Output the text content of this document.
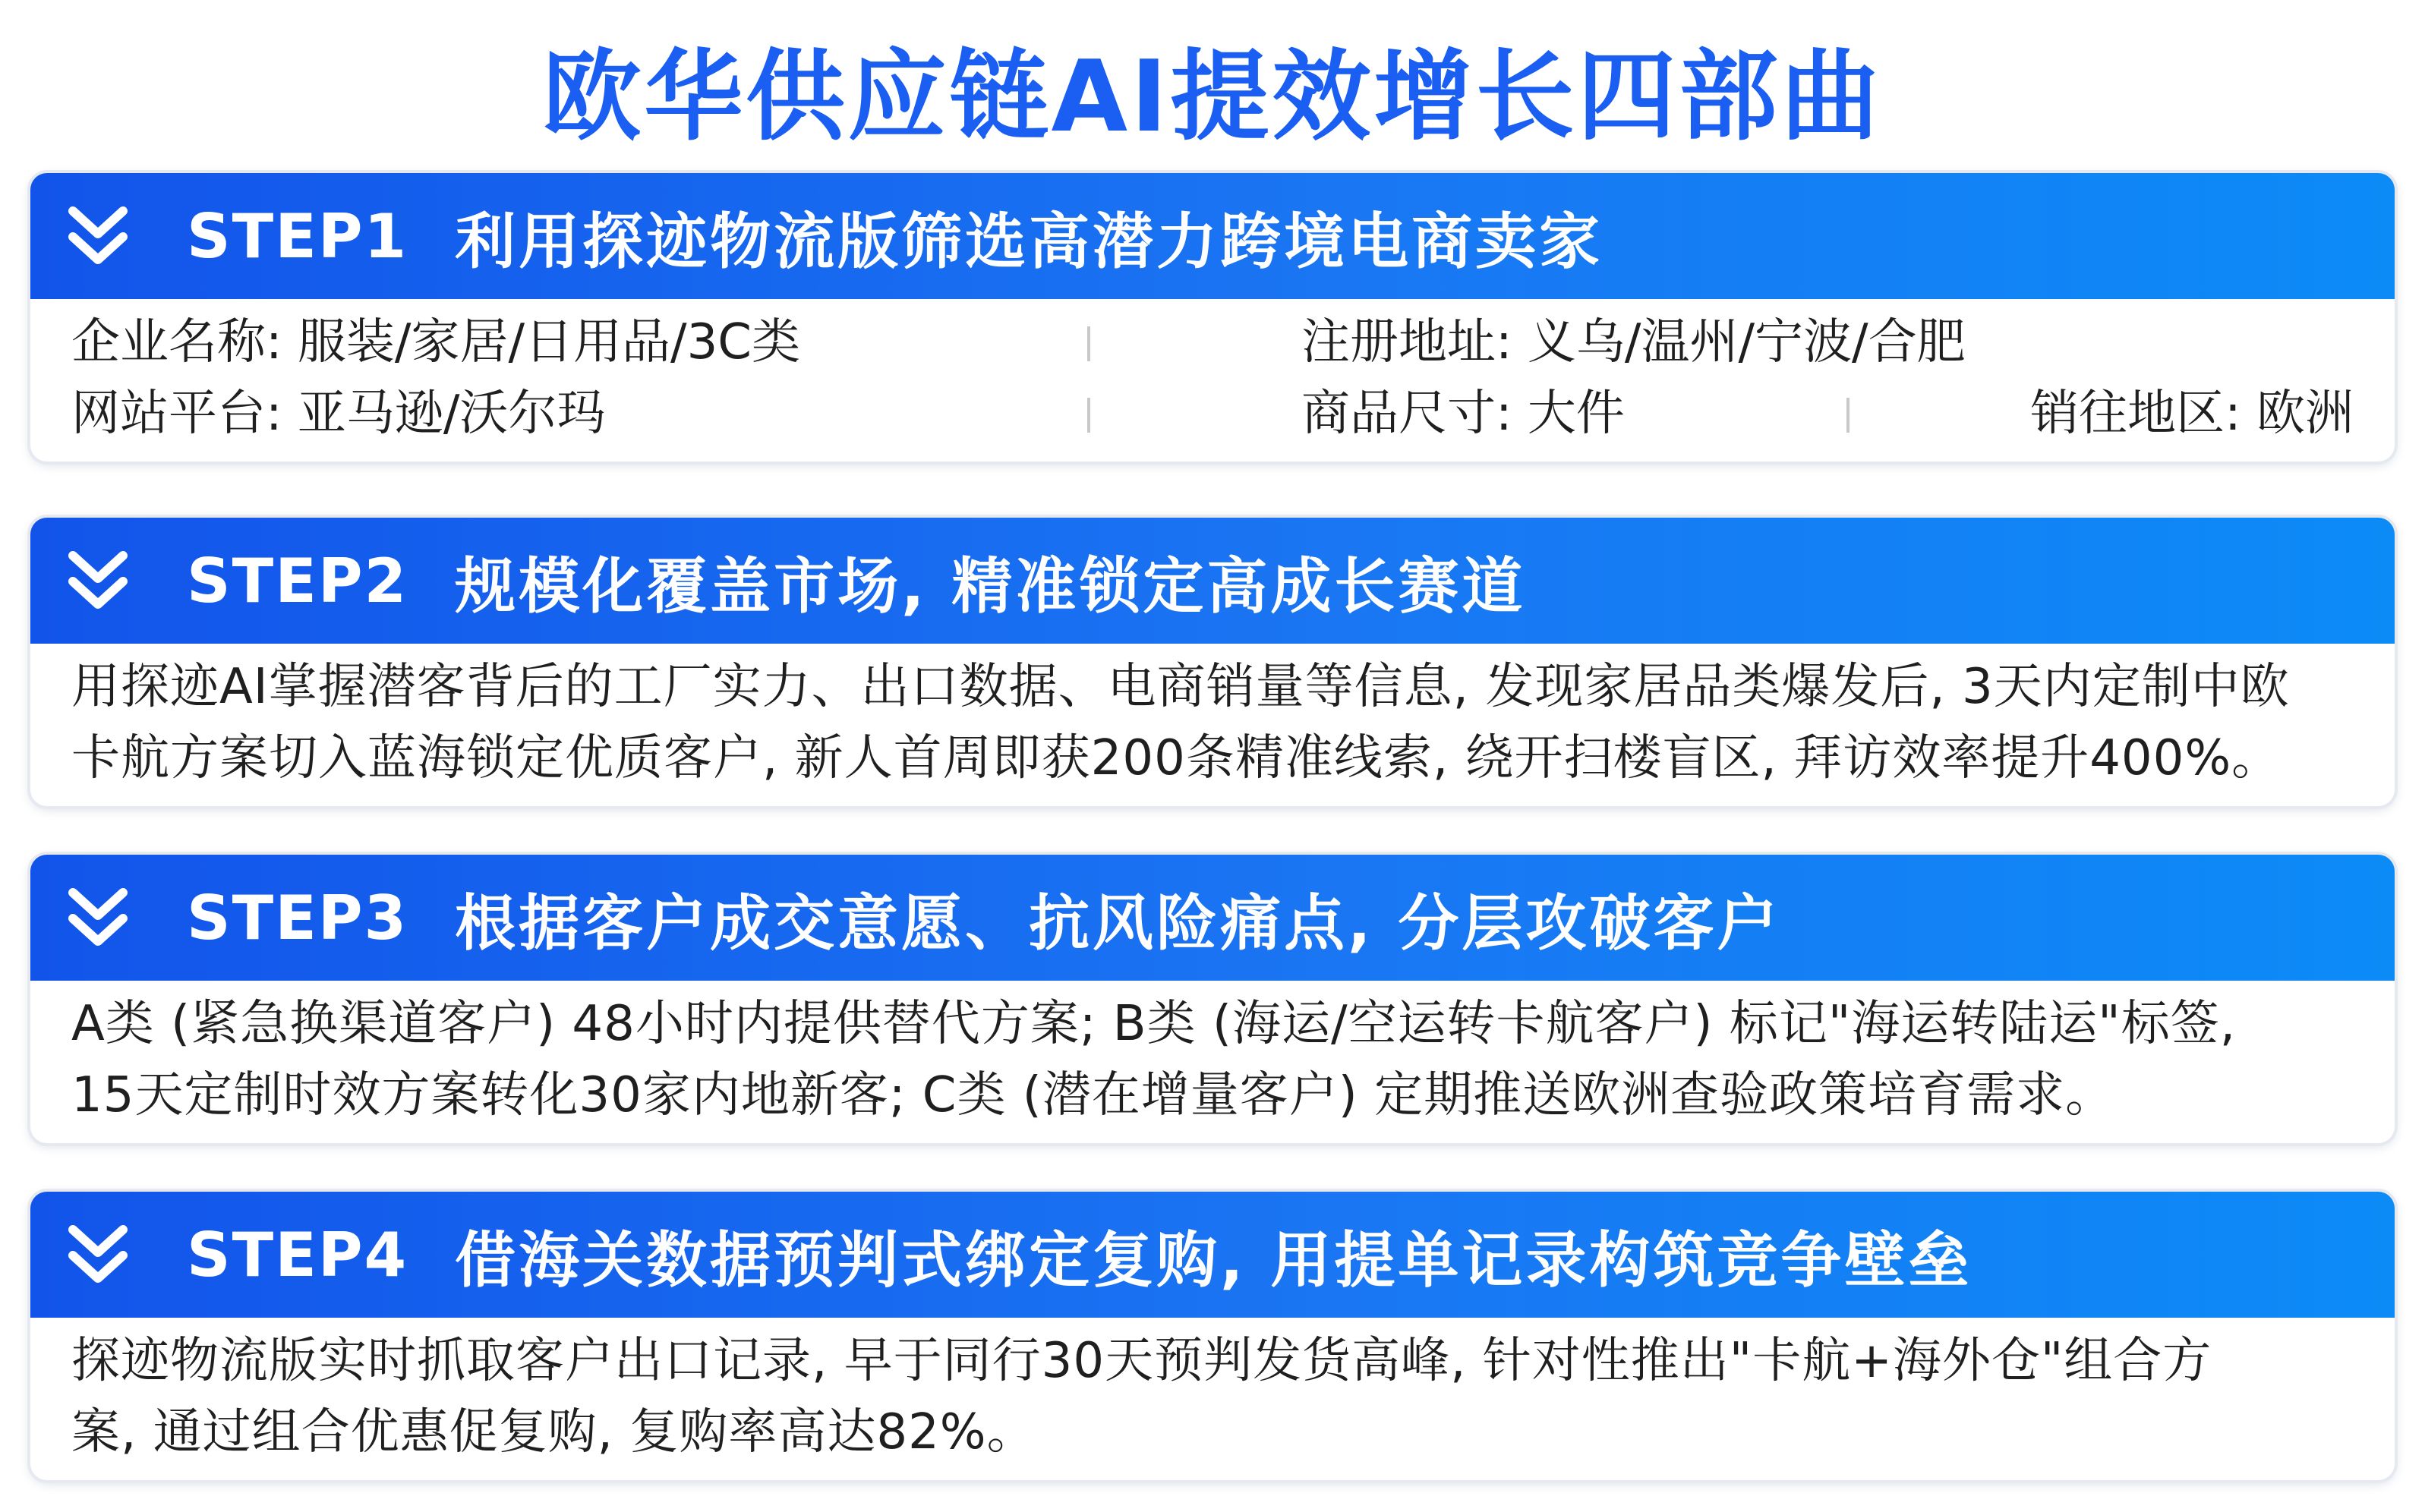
欧华供应链AI提效增长四部曲
STEP1 利用探迹物流版筛选高潜力跨境电商卖家
企业名称: 服装/家居/日用品/3C类	注册地址: 义乌/温州/宁波/合肥
网站平台: 亚马逊/沃尔玛	商品尺寸: 大件	销往地区: 欧洲
STEP2 规模化覆盖市场, 精准锁定高成长赛道

用探迹AI掌握潜客背后的工厂实力、出口数据、电商销量等信息, 发现家居品类爆发后, 3天内定制中欧

卡航方案切入蓝海锁定优质客户, 新人首周即获200条精准线索, 绕开扫楼盲区, 拜访效率提升400%。

STEP3 根据客户成交意愿、抗风险痛点, 分层攻破客户

A类 (紧急换渠道客户) 48小时内提供替代方案; B类 (海运/空运转卡航客户) 标记"海运转陆运"标签,

15天定制时效方案转化30家内地新客; C类 (潜在增量客户) 定期推送欧洲查验政策培育需求。

STEP4 借海关数据预判式绑定复购, 用提单记录构筑竞争壁垒

探迹物流版实时抓取客户出口记录, 早于同行30天预判发货高峰, 针对性推出"卡航+海外仓"组合方

案, 通过组合优惠促复购, 复购率高达82%。
